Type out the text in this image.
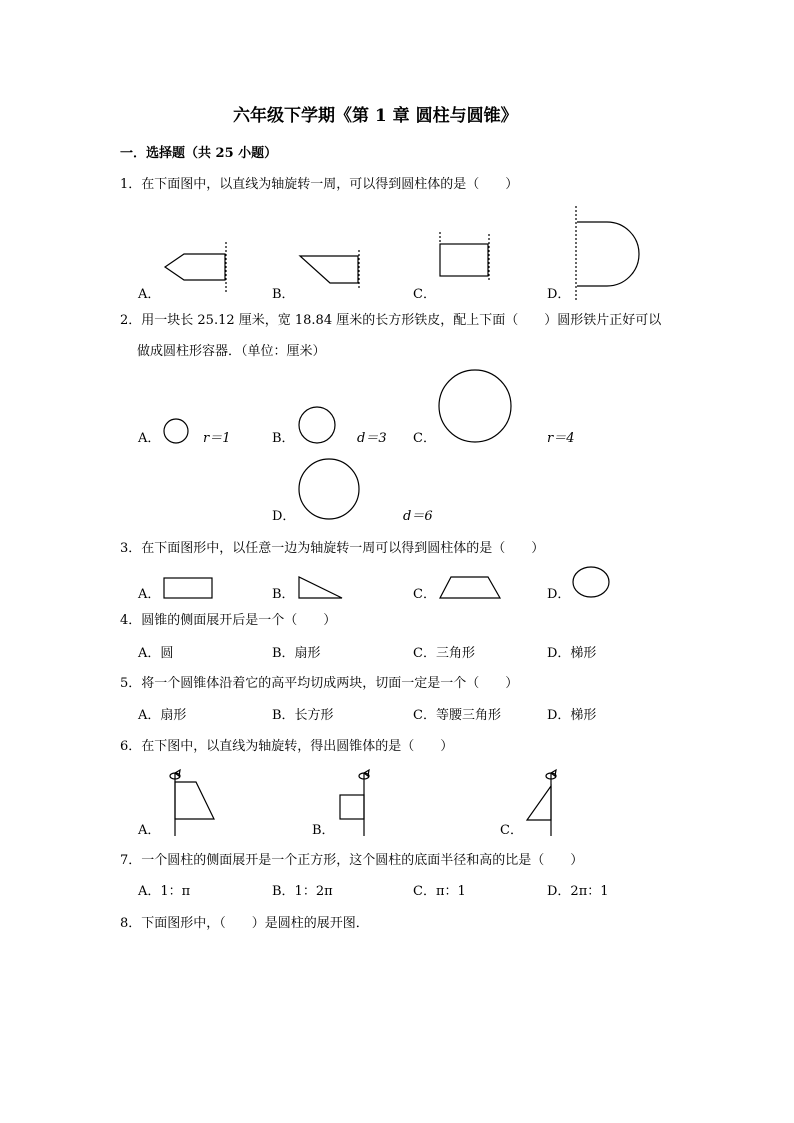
六年级下学期《第 1 章 圆柱与圆锥》
一．选择题（共 25 小题）
1．在下面图中，以直线为轴旋转一周，可以得到圆柱体的是（　　）
A．	B．	C．	D．
2．用一块长 25.12 厘米，宽 18.84 厘米的长方形铁皮，配上下面（　　）圆形铁片正好可以
做成圆柱形容器．（单位：厘米）
A．	r＝1	B．	d＝3 C．	r＝4
D．	d＝6
3．在下面图形中，以任意一边为轴旋转一周可以得到圆柱体的是（　　）
A．	B．	C．	D．
4．圆锥的侧面展开后是一个（　　）
A．圆	B．扇形	C．三角形	D．梯形
5．将一个圆锥体沿着它的高平均切成两块，切面一定是一个（　　）
A．扇形	B．长方形	C．等腰三角形	D．梯形
6．在下图中，以直线为轴旋转，得出圆锥体的是（　　）
A．	B．	C．
7．一个圆柱的侧面展开是一个正方形，这个圆柱的底面半径和高的比是（　　）
A．1：π	B．1：2π	C．π：1	D．2π：1
8．下面图形中，（　　）是圆柱的展开图．
